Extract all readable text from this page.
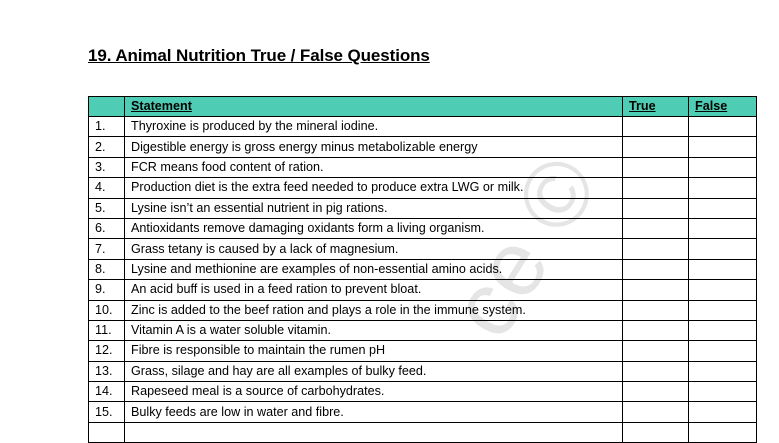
19. Animal Nutrition True / False Questions
ce ©
	Statement	True	False
1.	Thyroxine is produced by the mineral iodine.		
2.	Digestible energy is gross energy minus metabolizable energy		
3.	FCR means food content of ration.		
4.	Production diet is the extra feed needed to produce extra LWG or milk.		
5.	Lysine isn’t an essential nutrient in pig rations.		
6.	Antioxidants remove damaging oxidants form a living organism.		
7.	Grass tetany is caused by a lack of magnesium.		
8.	Lysine and methionine are examples of non-essential amino acids.		
9.	An acid buff is used in a feed ration to prevent bloat.		
10.	Zinc is added to the beef ration and plays a role in the immune system.		
11.	Vitamin A is a water soluble vitamin.		
12.	Fibre is responsible to maintain the rumen pH		
13.	Grass, silage and hay are all examples of bulky feed.		
14.	Rapeseed meal is a source of carbohydrates.		
15.	Bulky feeds are low in water and fibre.		
